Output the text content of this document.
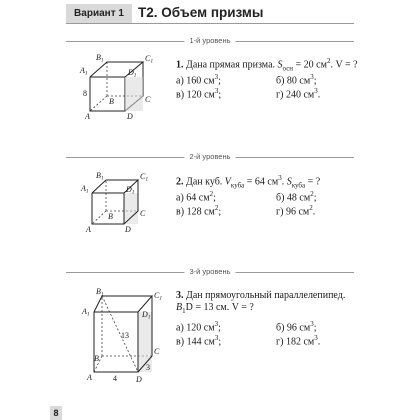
Вариант 1	Т2. Объем призмы
1-й уровень
B1	C1
A1	D1
B	C
A	D
8
1. Дана прямая призма. $S_{осн} = 20$ $см^2$. V = ?
а) 160 $см^3$;	б) 80 $см^3$;
в) 120 $см^3$;	г) 240 $см^3$.
2-й уровень
B1	C1
A1	D1
B	C
A	D
2. Дан куб. $V_{куба} = 64$ $см^3$. $S_{куба}$ = ?
а) 64 $см^2$;	б) 48 $см^2$;
в) 128 $см^2$;	г) 96 $см^2$.
3-й уровень
B1	C1
A1	D1
B
C
A	D
13
4
3
3. Дан прямоугольный параллелепипед.
$B_1D = 13$ см. V = ?
а) 120 $см^3$;	б) 96 $см^3$;
в) 144 $см^3$;	г) 182 $см^3$.
8
